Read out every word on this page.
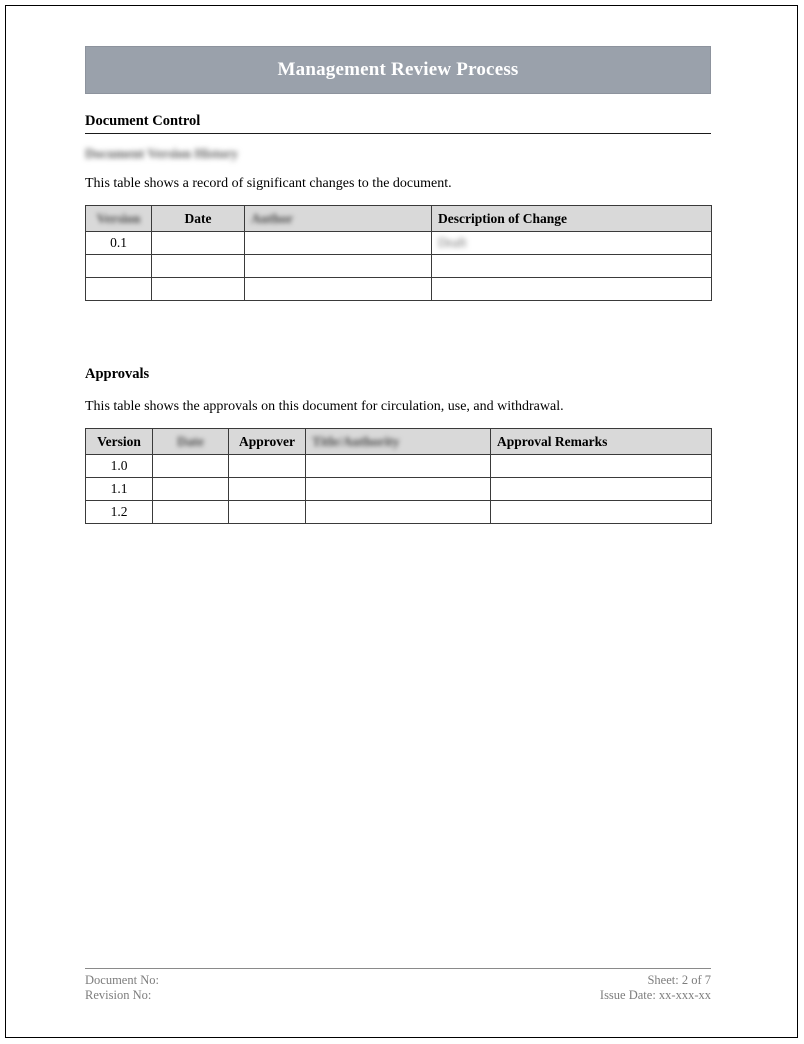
Management Review Process
Document Control
Document Version History

This table shows a record of significant changes to the document.

Version	Date	Author	Description of Change
0.1			Draft

Approvals

This table shows the approvals on this document for circulation, use, and withdrawal.

Version	Date	Approver	Title/Authority	Approval Remarks
1.0				
1.1				
1.2				
Document No:	Sheet: 2 of 7
Revision No:	Issue Date: xx-xxx-xx
